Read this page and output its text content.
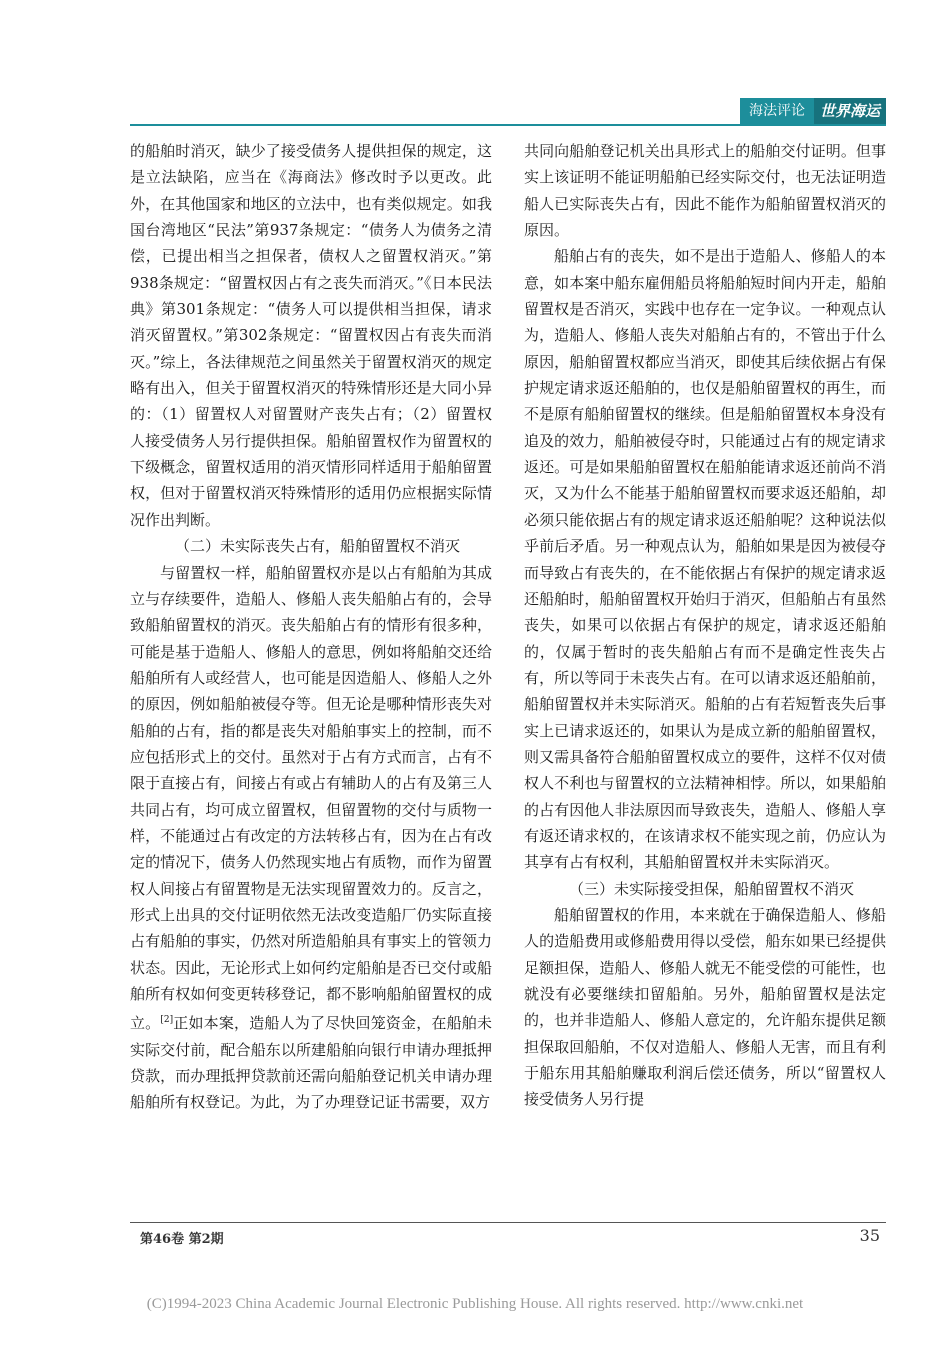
海法评论 世界海运

的船舶时消灭，缺少了接受债务人提供担保的规定，这是立法缺陷，应当在《海商法》修改时予以更改。此外，在其他国家和地区的立法中，也有类似规定。如我国台湾地区“民法”第937条规定：“债务人为债务之清偿，已提出相当之担保者，债权人之留置权消灭。”第938条规定：“留置权因占有之丧失而消灭。”《日本民法典》第301条规定：“债务人可以提供相当担保，请求消灭留置权。”第302条规定：“留置权因占有丧失而消灭。”综上，各法律规范之间虽然关于留置权消灭的规定略有出入，但关于留置权消灭的特殊情形还是大同小异的：（1）留置权人对留置财产丧失占有；（2）留置权人接受债务人另行提供担保。船舶留置权作为留置权的下级概念，留置权适用的消灭情形同样适用于船舶留置权，但对于留置权消灭特殊情形的适用仍应根据实际情况作出判断。

（二）未实际丧失占有，船舶留置权不消灭

与留置权一样，船舶留置权亦是以占有船舶为其成立与存续要件，造船人、修船人丧失船舶占有的，会导致船舶留置权的消灭。丧失船舶占有的情形有很多种，可能是基于造船人、修船人的意思，例如将船舶交还给船舶所有人或经营人，也可能是因造船人、修船人之外的原因，例如船舶被侵夺等。但无论是哪种情形丧失对船舶的占有，指的都是丧失对船舶事实上的控制，而不应包括形式上的交付。虽然对于占有方式而言，占有不限于直接占有，间接占有或占有辅助人的占有及第三人共同占有，均可成立留置权，但留置物的交付与质物一样，不能通过占有改定的方法转移占有，因为在占有改定的情况下，债务人仍然现实地占有质物，而作为留置权人间接占有留置物是无法实现留置效力的。反言之，形式上出具的交付证明依然无法改变造船厂仍实际直接占有船舶的事实，仍然对所造船舶具有事实上的管领力状态。因此，无论形式上如何约定船舶是否已交付或船舶所有权如何变更转移登记，都不影响船舶留置权的成立。[2]正如本案，造船人为了尽快回笼资金，在船舶未实际交付前，配合船东以所建船舶向银行申请办理抵押贷款，而办理抵押贷款前还需向船舶登记机关申请办理船舶所有权登记。为此，为了办理登记证书需要，双方

共同向船舶登记机关出具形式上的船舶交付证明。但事实上该证明不能证明船舶已经实际交付，也无法证明造船人已实际丧失占有，因此不能作为船舶留置权消灭的原因。

船舶占有的丧失，如不是出于造船人、修船人的本意，如本案中船东雇佣船员将船舶短时间内开走，船舶留置权是否消灭，实践中也存在一定争议。一种观点认为，造船人、修船人丧失对船舶占有的，不管出于什么原因，船舶留置权都应当消灭，即使其后续依据占有保护规定请求返还船舶的，也仅是船舶留置权的再生，而不是原有船舶留置权的继续。但是船舶留置权本身没有追及的效力，船舶被侵夺时，只能通过占有的规定请求返还。可是如果船舶留置权在船舶能请求返还前尚不消灭，又为什么不能基于船舶留置权而要求返还船舶，却必须只能依据占有的规定请求返还船舶呢？这种说法似乎前后矛盾。另一种观点认为，船舶如果是因为被侵夺而导致占有丧失的，在不能依据占有保护的规定请求返还船舶时，船舶留置权开始归于消灭，但船舶占有虽然丧失，如果可以依据占有保护的规定，请求返还船舶的，仅属于暂时的丧失船舶占有而不是确定性丧失占有，所以等同于未丧失占有。在可以请求返还船舶前，船舶留置权并未实际消灭。船舶的占有若短暂丧失后事实上已请求返还的，如果认为是成立新的船舶留置权，则又需具备符合船舶留置权成立的要件，这样不仅对债权人不利也与留置权的立法精神相悖。所以，如果船舶的占有因他人非法原因而导致丧失，造船人、修船人享有返还请求权的，在该请求权不能实现之前，仍应认为其享有占有权利，其船舶留置权并未实际消灭。

（三）未实际接受担保，船舶留置权不消灭

船舶留置权的作用，本来就在于确保造船人、修船人的造船费用或修船费用得以受偿，船东如果已经提供足额担保，造船人、修船人就无不能受偿的可能性，也就没有必要继续扣留船舶。另外，船舶留置权是法定的，也并非造船人、修船人意定的，允许船东提供足额担保取回船舶，不仅对造船人、修船人无害，而且有利于船东用其船舶赚取利润后偿还债务，所以“留置权人接受债务人另行提

第46卷 第2期	35
(C)1994-2023 China Academic Journal Electronic Publishing House. All rights reserved. http://www.cnki.net
